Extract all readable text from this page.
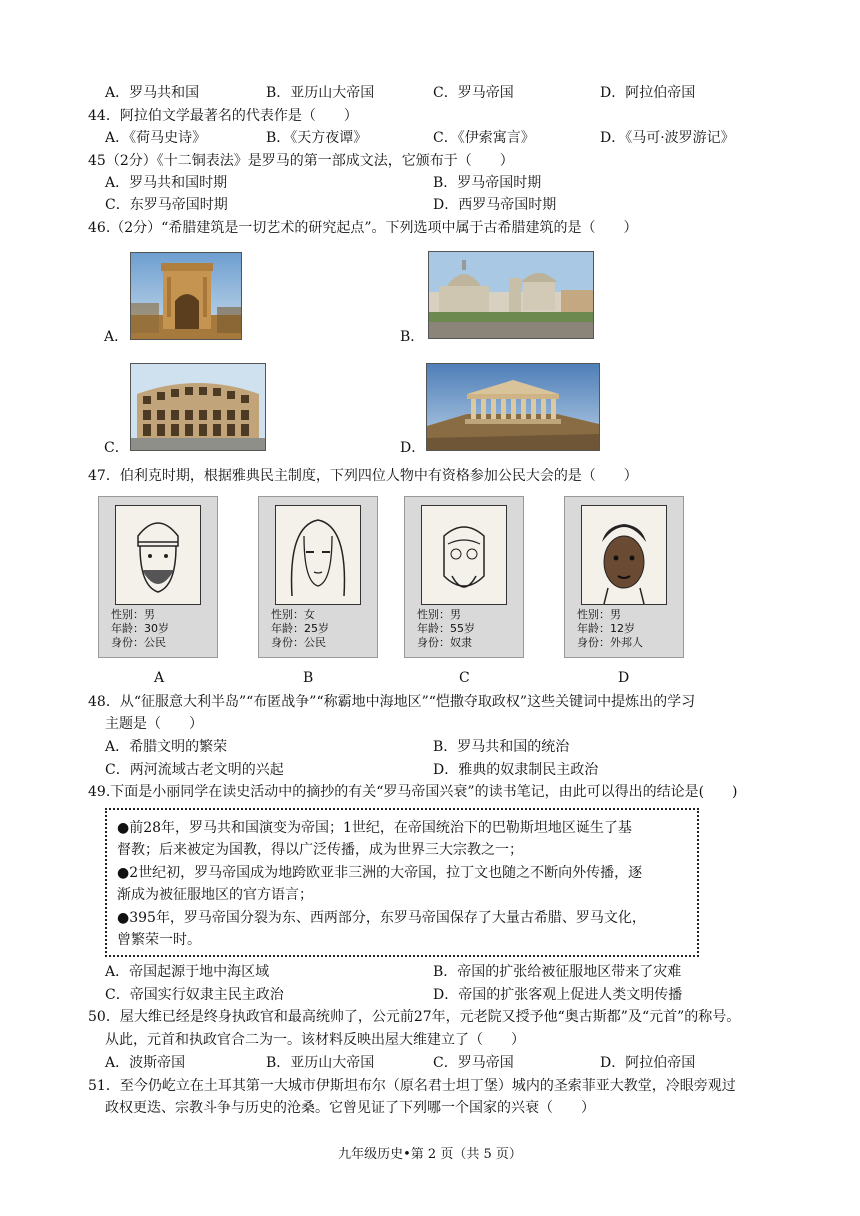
A．罗马共和国	B．亚历山大帝国	C．罗马帝国	D．阿拉伯帝国
44．阿拉伯文学最著名的代表作是（　　）
A．《荷马史诗》	B．《天方夜谭》	C．《伊索寓言》	D．《马可·波罗游记》
45（2分）《十二铜表法》是罗马的第一部成文法，它颁布于（　　）
A．罗马共和国时期	B．罗马帝国时期
C．东罗马帝国时期	D．西罗马帝国时期
46.（2分）“希腊建筑是一切艺术的研究起点”。下列选项中属于古希腊建筑的是（　　）
A．	B．
C．	D．
47．伯利克时期，根据雅典民主制度，下列四位人物中有资格参加公民大会的是（　　）
性别：男
年龄：30岁
身份：公民
A
性别：女
年龄：25岁
身份：公民
B
性别：男
年龄：55岁
身份：奴隶
C
性别：男
年龄：12岁
身份：外邦人
D
48．从“征服意大利半岛”“布匿战争”“称霸地中海地区”“恺撒夺取政权”这些关键词中提炼出的学习
主题是（　　）
A．希腊文明的繁荣	B．罗马共和国的统治
C．两河流域古老文明的兴起	D．雅典的奴隶制民主政治
49.下面是小丽同学在读史活动中的摘抄的有关“罗马帝国兴衰”的读书笔记，由此可以得出的结论是(　　)
●前28年，罗马共和国演变为帝国；1世纪，在帝国统治下的巴勒斯坦地区诞生了基
督教；后来被定为国教，得以广泛传播，成为世界三大宗教之一；
●2世纪初，罗马帝国成为地跨欧亚非三洲的大帝国，拉丁文也随之不断向外传播，逐
渐成为被征服地区的官方语言；
●395年，罗马帝国分裂为东、西两部分，东罗马帝国保存了大量古希腊、罗马文化，
曾繁荣一时。
A．帝国起源于地中海区域	B．帝国的扩张给被征服地区带来了灾难
C．帝国实行奴隶主民主政治	D．帝国的扩张客观上促进人类文明传播
50．屋大维已经是终身执政官和最高统帅了，公元前27年，元老院又授予他“奥古斯都”及“元首”的称号。
从此，元首和执政官合二为一。该材料反映出屋大维建立了（　　）
A．波斯帝国	B．亚历山大帝国	C．罗马帝国	D．阿拉伯帝国
51．至今仍屹立在土耳其第一大城市伊斯坦布尔（原名君士坦丁堡）城内的圣索菲亚大教堂，冷眼旁观过
政权更迭、宗教斗争与历史的沧桑。它曾见证了下列哪一个国家的兴衰（　　）
九年级历史•第 2 页（共 5 页）
